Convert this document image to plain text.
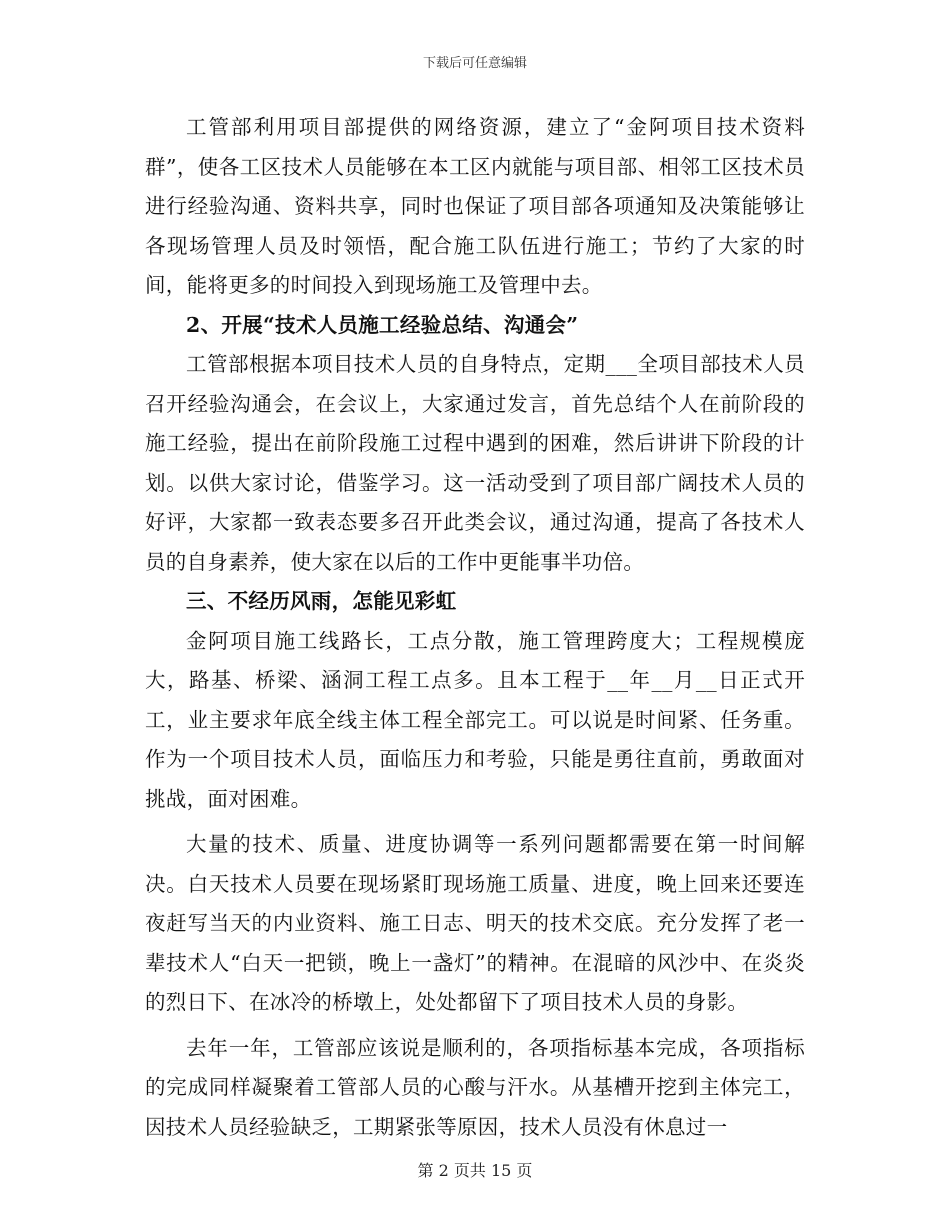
下载后可任意编辑

工管部利用项目部提供的网络资源，建立了“金阿项目技术资料群”，使各工区技术人员能够在本工区内就能与项目部、相邻工区技术员进行经验沟通、资料共享，同时也保证了项目部各项通知及决策能够让各现场管理人员及时领悟，配合施工队伍进行施工；节约了大家的时间，能将更多的时间投入到现场施工及管理中去。

2、开展“技术人员施工经验总结、沟通会”

工管部根据本项目技术人员的自身特点，定期___全项目部技术人员召开经验沟通会，在会议上，大家通过发言，首先总结个人在前阶段的施工经验，提出在前阶段施工过程中遇到的困难，然后讲讲下阶段的计划。以供大家讨论，借鉴学习。这一活动受到了项目部广阔技术人员的好评，大家都一致表态要多召开此类会议，通过沟通，提高了各技术人员的自身素养，使大家在以后的工作中更能事半功倍。

三、不经历风雨，怎能见彩虹

金阿项目施工线路长，工点分散，施工管理跨度大；工程规模庞大，路基、桥梁、涵洞工程工点多。且本工程于__年__月__日正式开工，业主要求年底全线主体工程全部完工。可以说是时间紧、任务重。作为一个项目技术人员，面临压力和考验，只能是勇往直前，勇敢面对挑战，面对困难。

大量的技术、质量、进度协调等一系列问题都需要在第一时间解决。白天技术人员要在现场紧盯现场施工质量、进度，晚上回来还要连夜赶写当天的内业资料、施工日志、明天的技术交底。充分发挥了老一辈技术人“白天一把锁，晚上一盏灯”的精神。在混暗的风沙中、在炎炎的烈日下、在冰冷的桥墩上，处处都留下了项目技术人员的身影。

去年一年，工管部应该说是顺利的，各项指标基本完成，各项指标的完成同样凝聚着工管部人员的心酸与汗水。从基槽开挖到主体完工，因技术人员经验缺乏，工期紧张等原因，技术人员没有休息过一

第 2 页共 15 页
